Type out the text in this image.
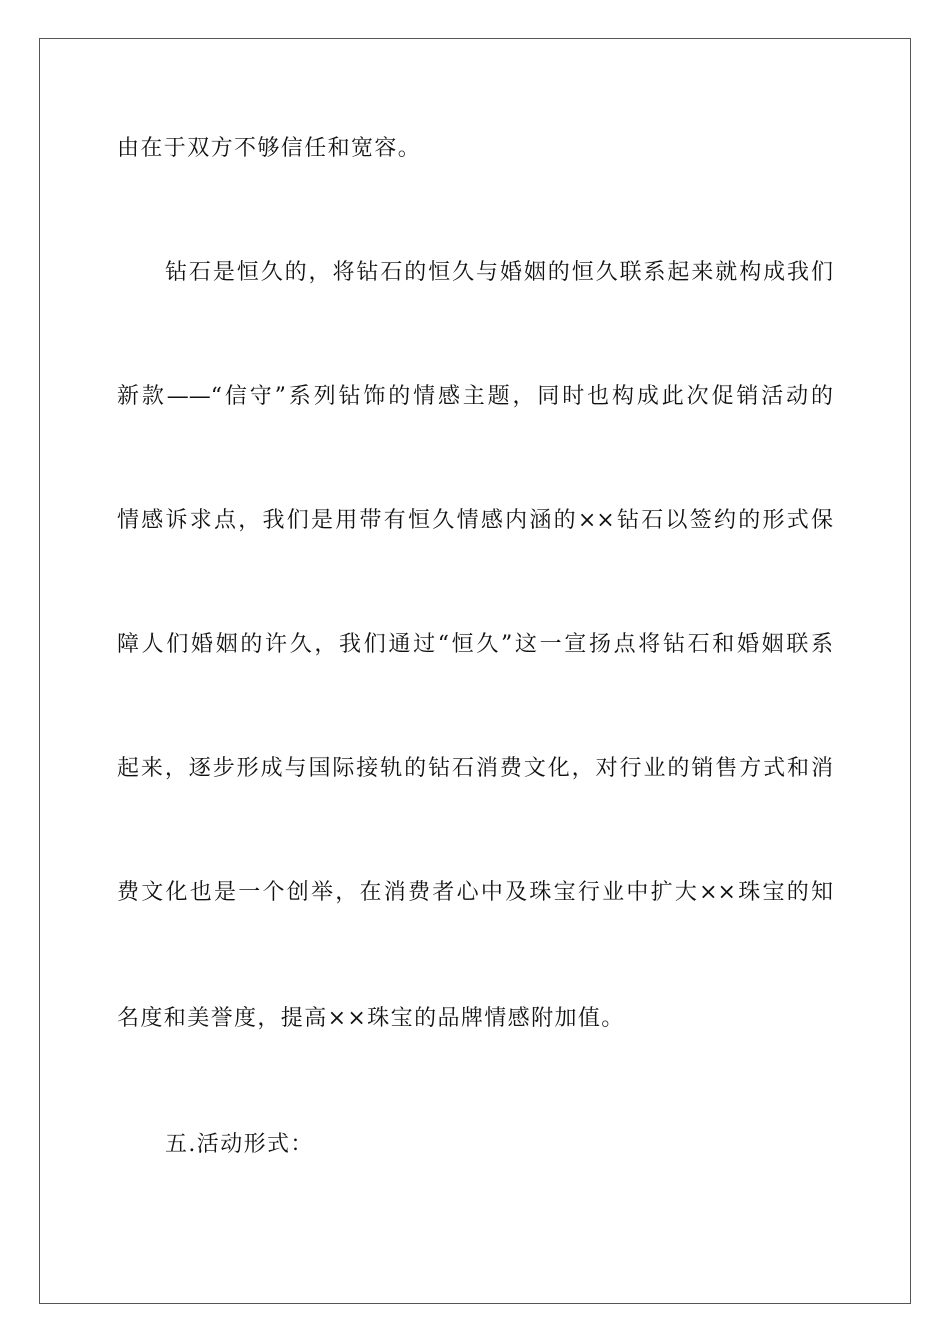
由在于双方不够信任和宽容。
钻石是恒久的，将钻石的恒久与婚姻的恒久联系起来就构成我们
新款——“信守”系列钻饰的情感主题，同时也构成此次促销活动的
情感诉求点，我们是用带有恒久情感内涵的××钻石以签约的形式保
障人们婚姻的许久，我们通过“恒久”这一宣扬点将钻石和婚姻联系
起来，逐步形成与国际接轨的钻石消费文化，对行业的销售方式和消
费文化也是一个创举，在消费者心中及珠宝行业中扩大××珠宝的知
名度和美誉度，提高××珠宝的品牌情感附加值。
五.活动形式：
